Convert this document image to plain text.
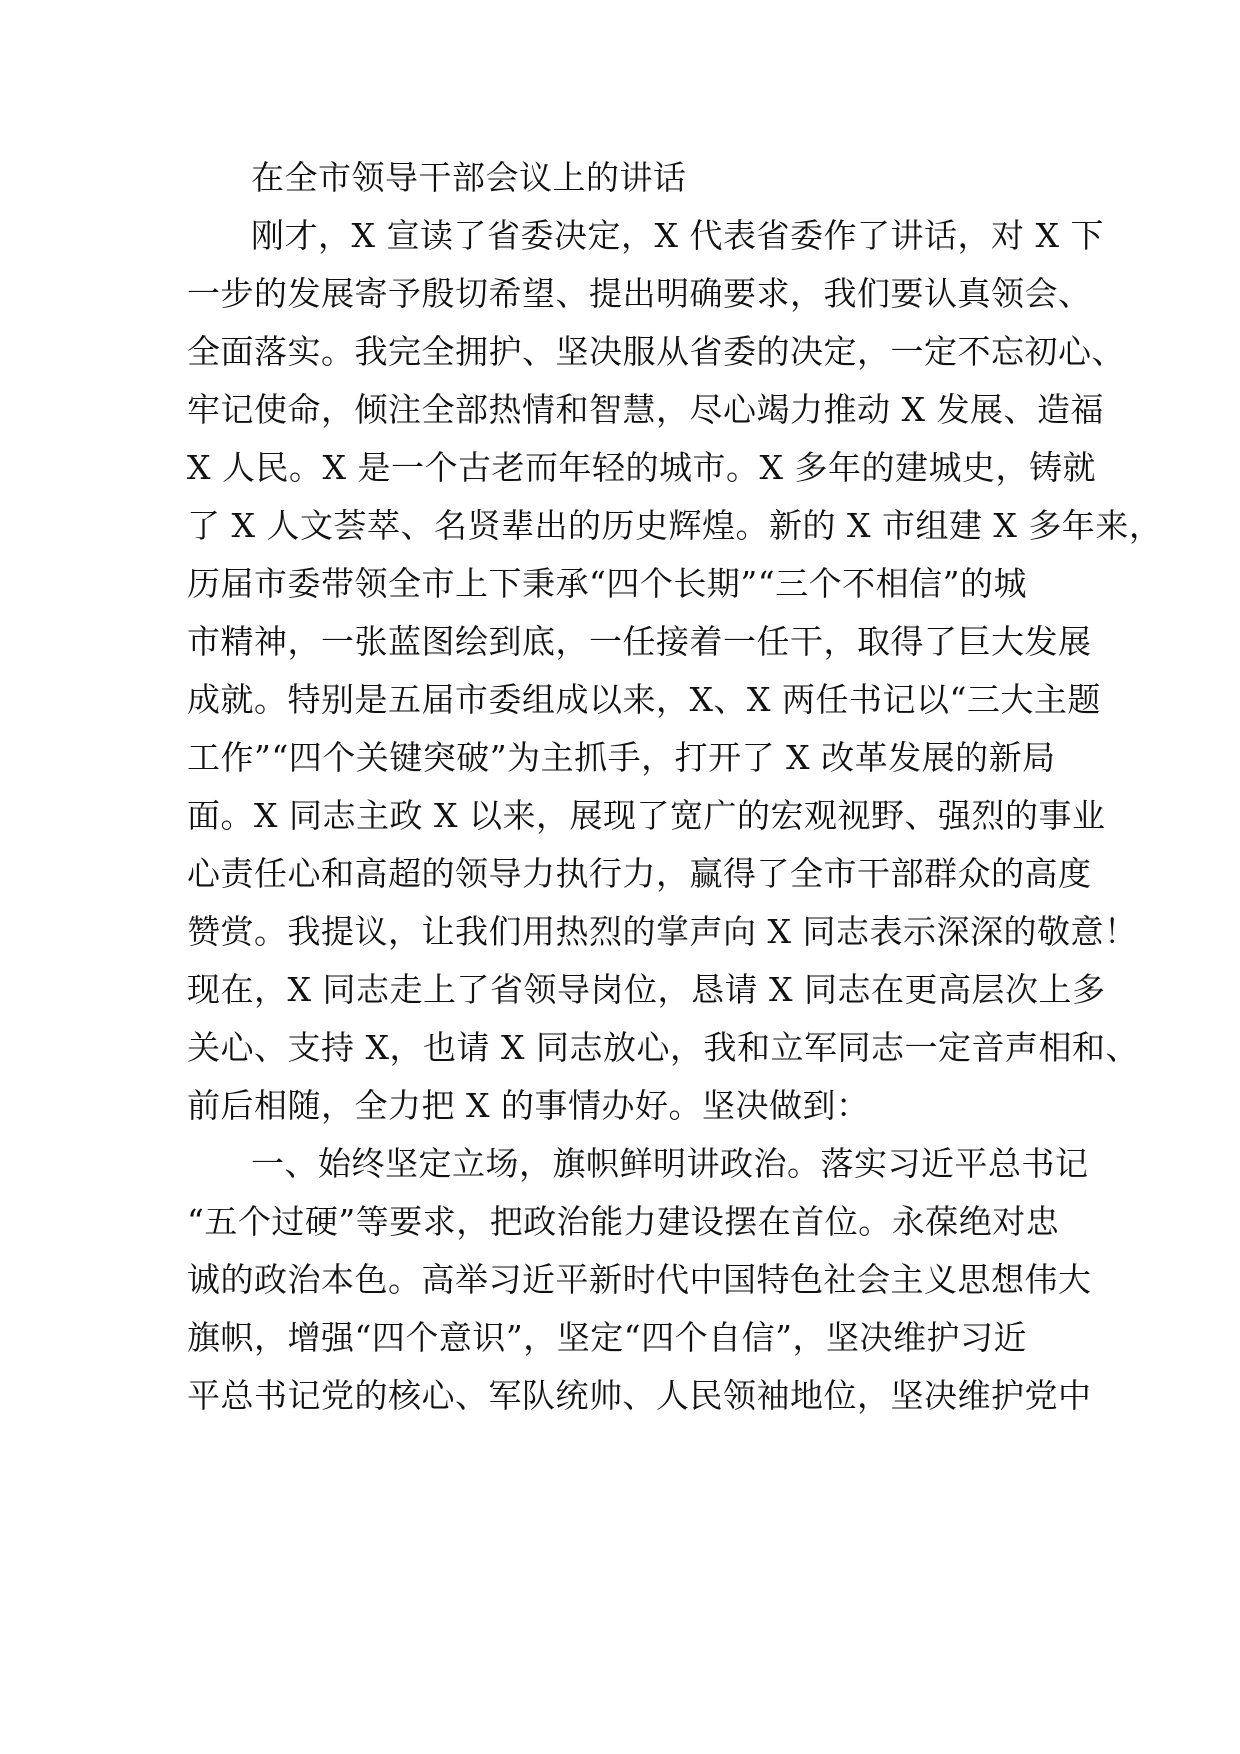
在全市领导干部会议上的讲话
刚才，X 宣读了省委决定，X 代表省委作了讲话，对 X 下
一步的发展寄予殷切希望、提出明确要求，我们要认真领会、
全面落实。我完全拥护、坚决服从省委的决定，一定不忘初心、
牢记使命，倾注全部热情和智慧，尽心竭力推动 X 发展、造福
X 人民。X 是一个古老而年轻的城市。X 多年的建城史，铸就
了 X 人文荟萃、名贤辈出的历史辉煌。新的 X 市组建 X 多年来，
历届市委带领全市上下秉承“四个长期”“三个不相信”的城
市精神，一张蓝图绘到底，一任接着一任干，取得了巨大发展
成就。特别是五届市委组成以来，X、X 两任书记以“三大主题
工作”“四个关键突破”为主抓手，打开了 X 改革发展的新局
面。X 同志主政 X 以来，展现了宽广的宏观视野、强烈的事业
心责任心和高超的领导力执行力，赢得了全市干部群众的高度
赞赏。我提议，让我们用热烈的掌声向 X 同志表示深深的敬意！
现在，X 同志走上了省领导岗位，恳请 X 同志在更高层次上多
关心、支持 X，也请 X 同志放心，我和立军同志一定音声相和、
前后相随，全力把 X 的事情办好。坚决做到：
一、始终坚定立场，旗帜鲜明讲政治。落实习近平总书记
“五个过硬”等要求，把政治能力建设摆在首位。永葆绝对忠
诚的政治本色。高举习近平新时代中国特色社会主义思想伟大
旗帜，增强“四个意识”，坚定“四个自信”，坚决维护习近
平总书记党的核心、军队统帅、人民领袖地位，坚决维护党中
